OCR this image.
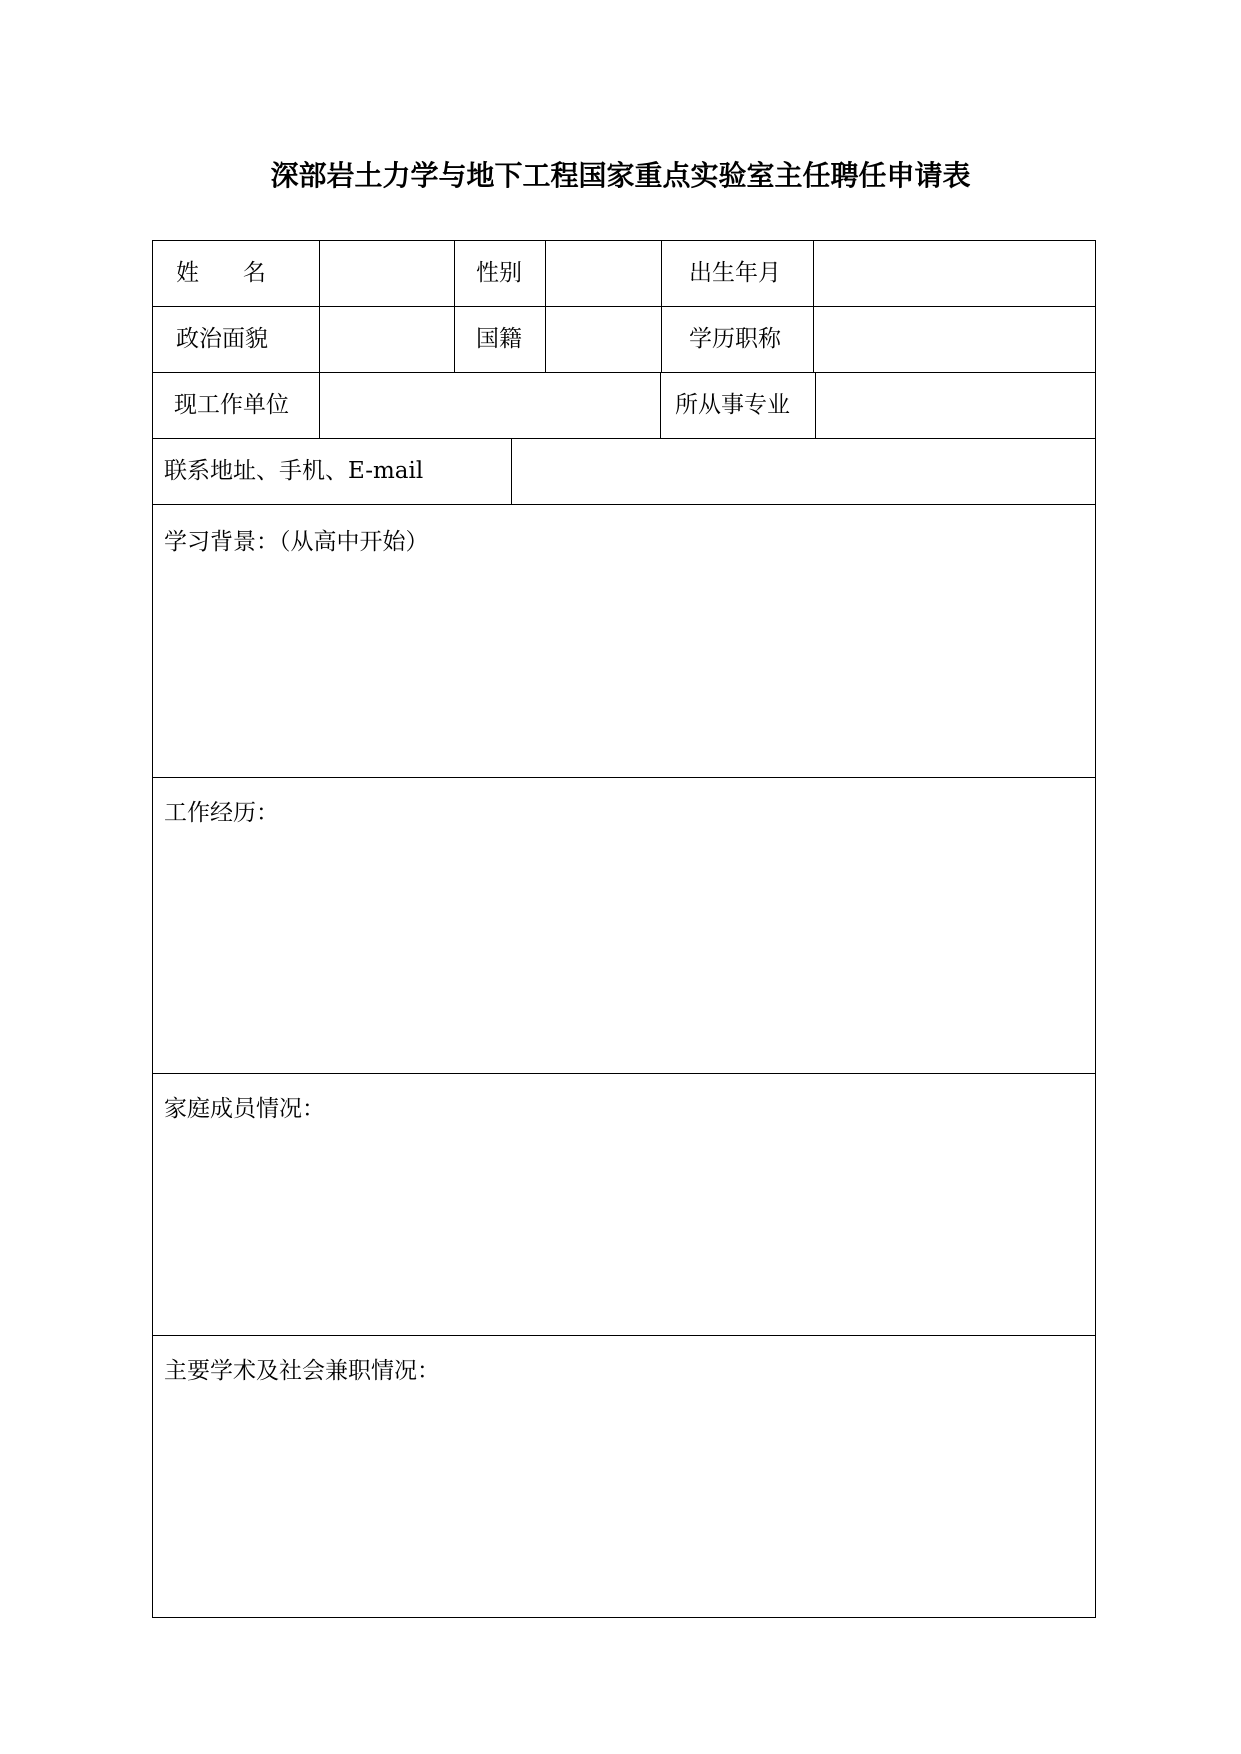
深部岩土力学与地下工程国家重点实验室主任聘任申请表
姓      名	性别	出生年月
政治面貌	国籍	学历职称
现工作单位	所从事专业
联系地址、手机、E-mail
学习背景：（从高中开始）
工作经历：
家庭成员情况：
主要学术及社会兼职情况：
